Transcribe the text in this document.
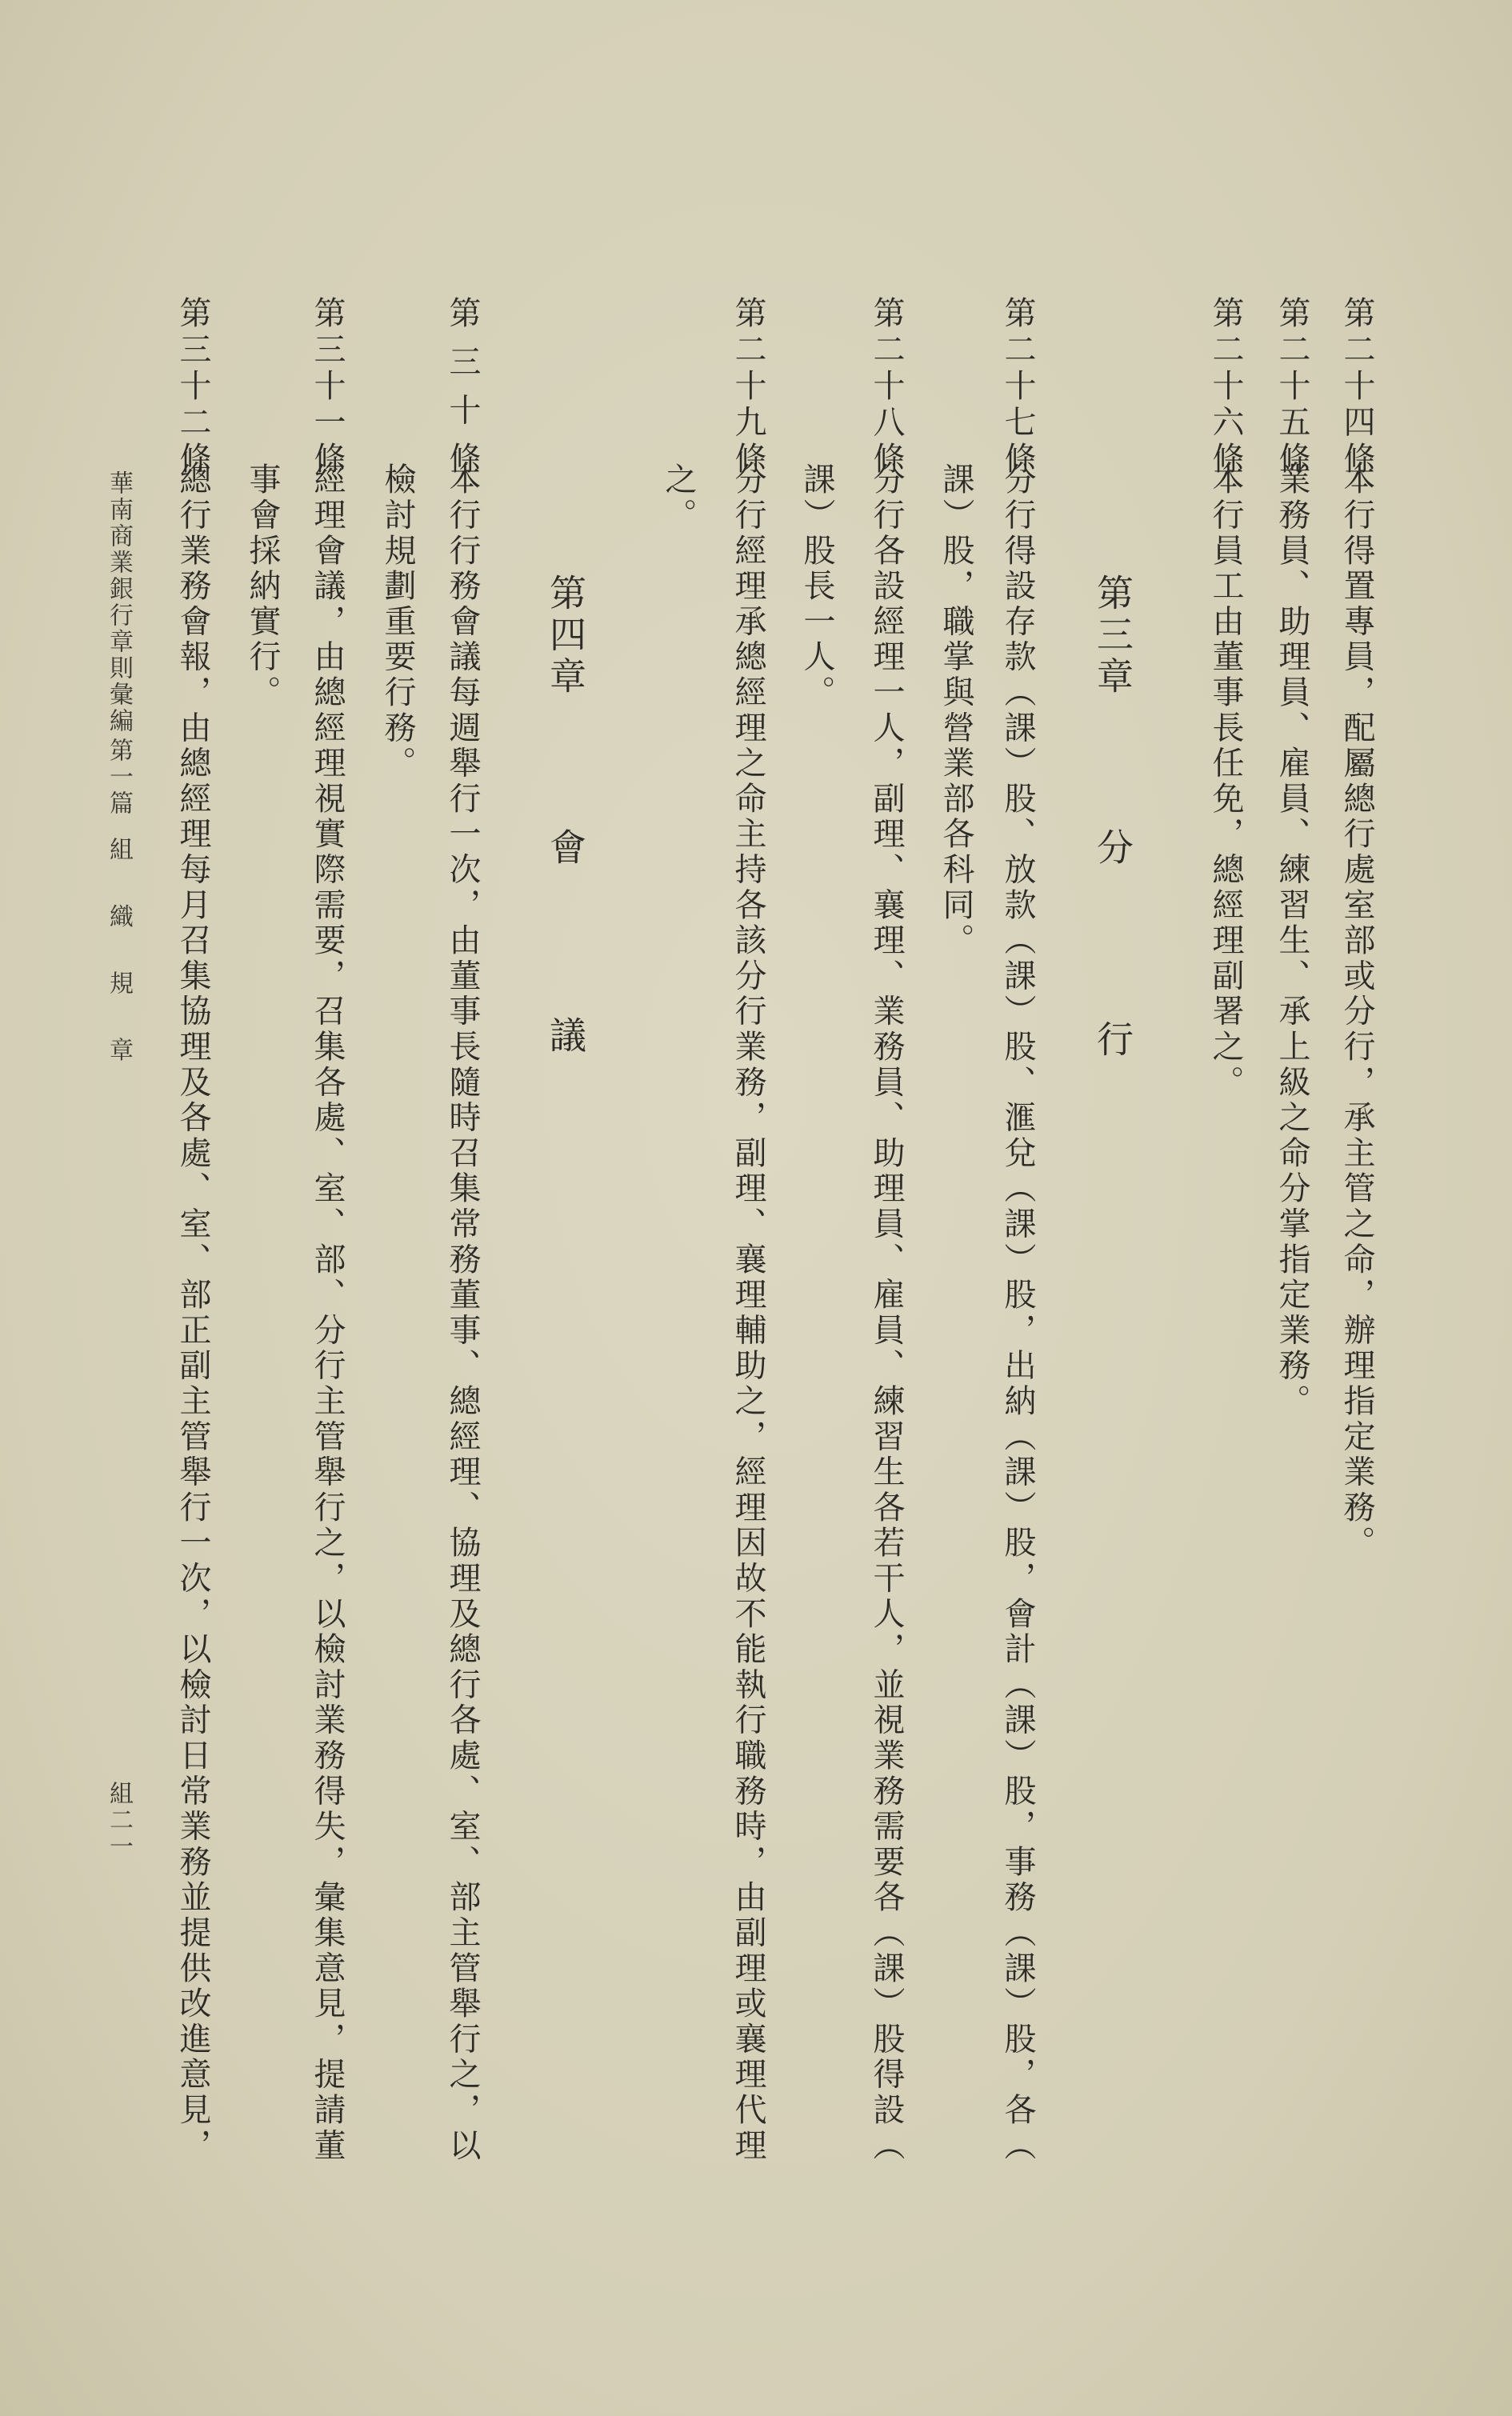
第二十四條
本行得置專員，配屬總行處室部或分行，承主管之命，辦理指定業務。
第二十五條
業務員、助理員、雇員、練習生、承上級之命分掌指定業務。
第二十六條
本行員工由董事長任免，總經理副署之。
第三章
分
行
第二十七條
分行得設存款（課）股、放款（課）股、滙兌（課）股，出納（課）股，會計（課）股，事務（課）股，各（
課）股，職掌與營業部各科同。
第二十八條
分行各設經理一人，副理、襄理、業務員、助理員、雇員、練習生各若干人，並視業務需要各（課）股得設（
課）股長一人。
第二十九條
分行經理承總經理之命主持各該分行業務，副理、襄理輔助之，經理因故不能執行職務時，由副理或襄理代理
之。
第四章
會
議
第三十條
本行行務會議每週舉行一次，由董事長隨時召集常務董事、總經理、協理及總行各處、室、部主管舉行之，以
檢討規劃重要行務。
第三十一條
經理會議，由總經理視實際需要，召集各處、室、部、分行主管舉行之，以檢討業務得失，彙集意見，提請董
事會採納實行。
第三十二條
總行業務會報，由總經理每月召集協理及各處、室、部正副主管舉行一次，以檢討日常業務並提供改進意見，
華南商業銀行章則彙編
第一篇
組 織 規 章
組二一
